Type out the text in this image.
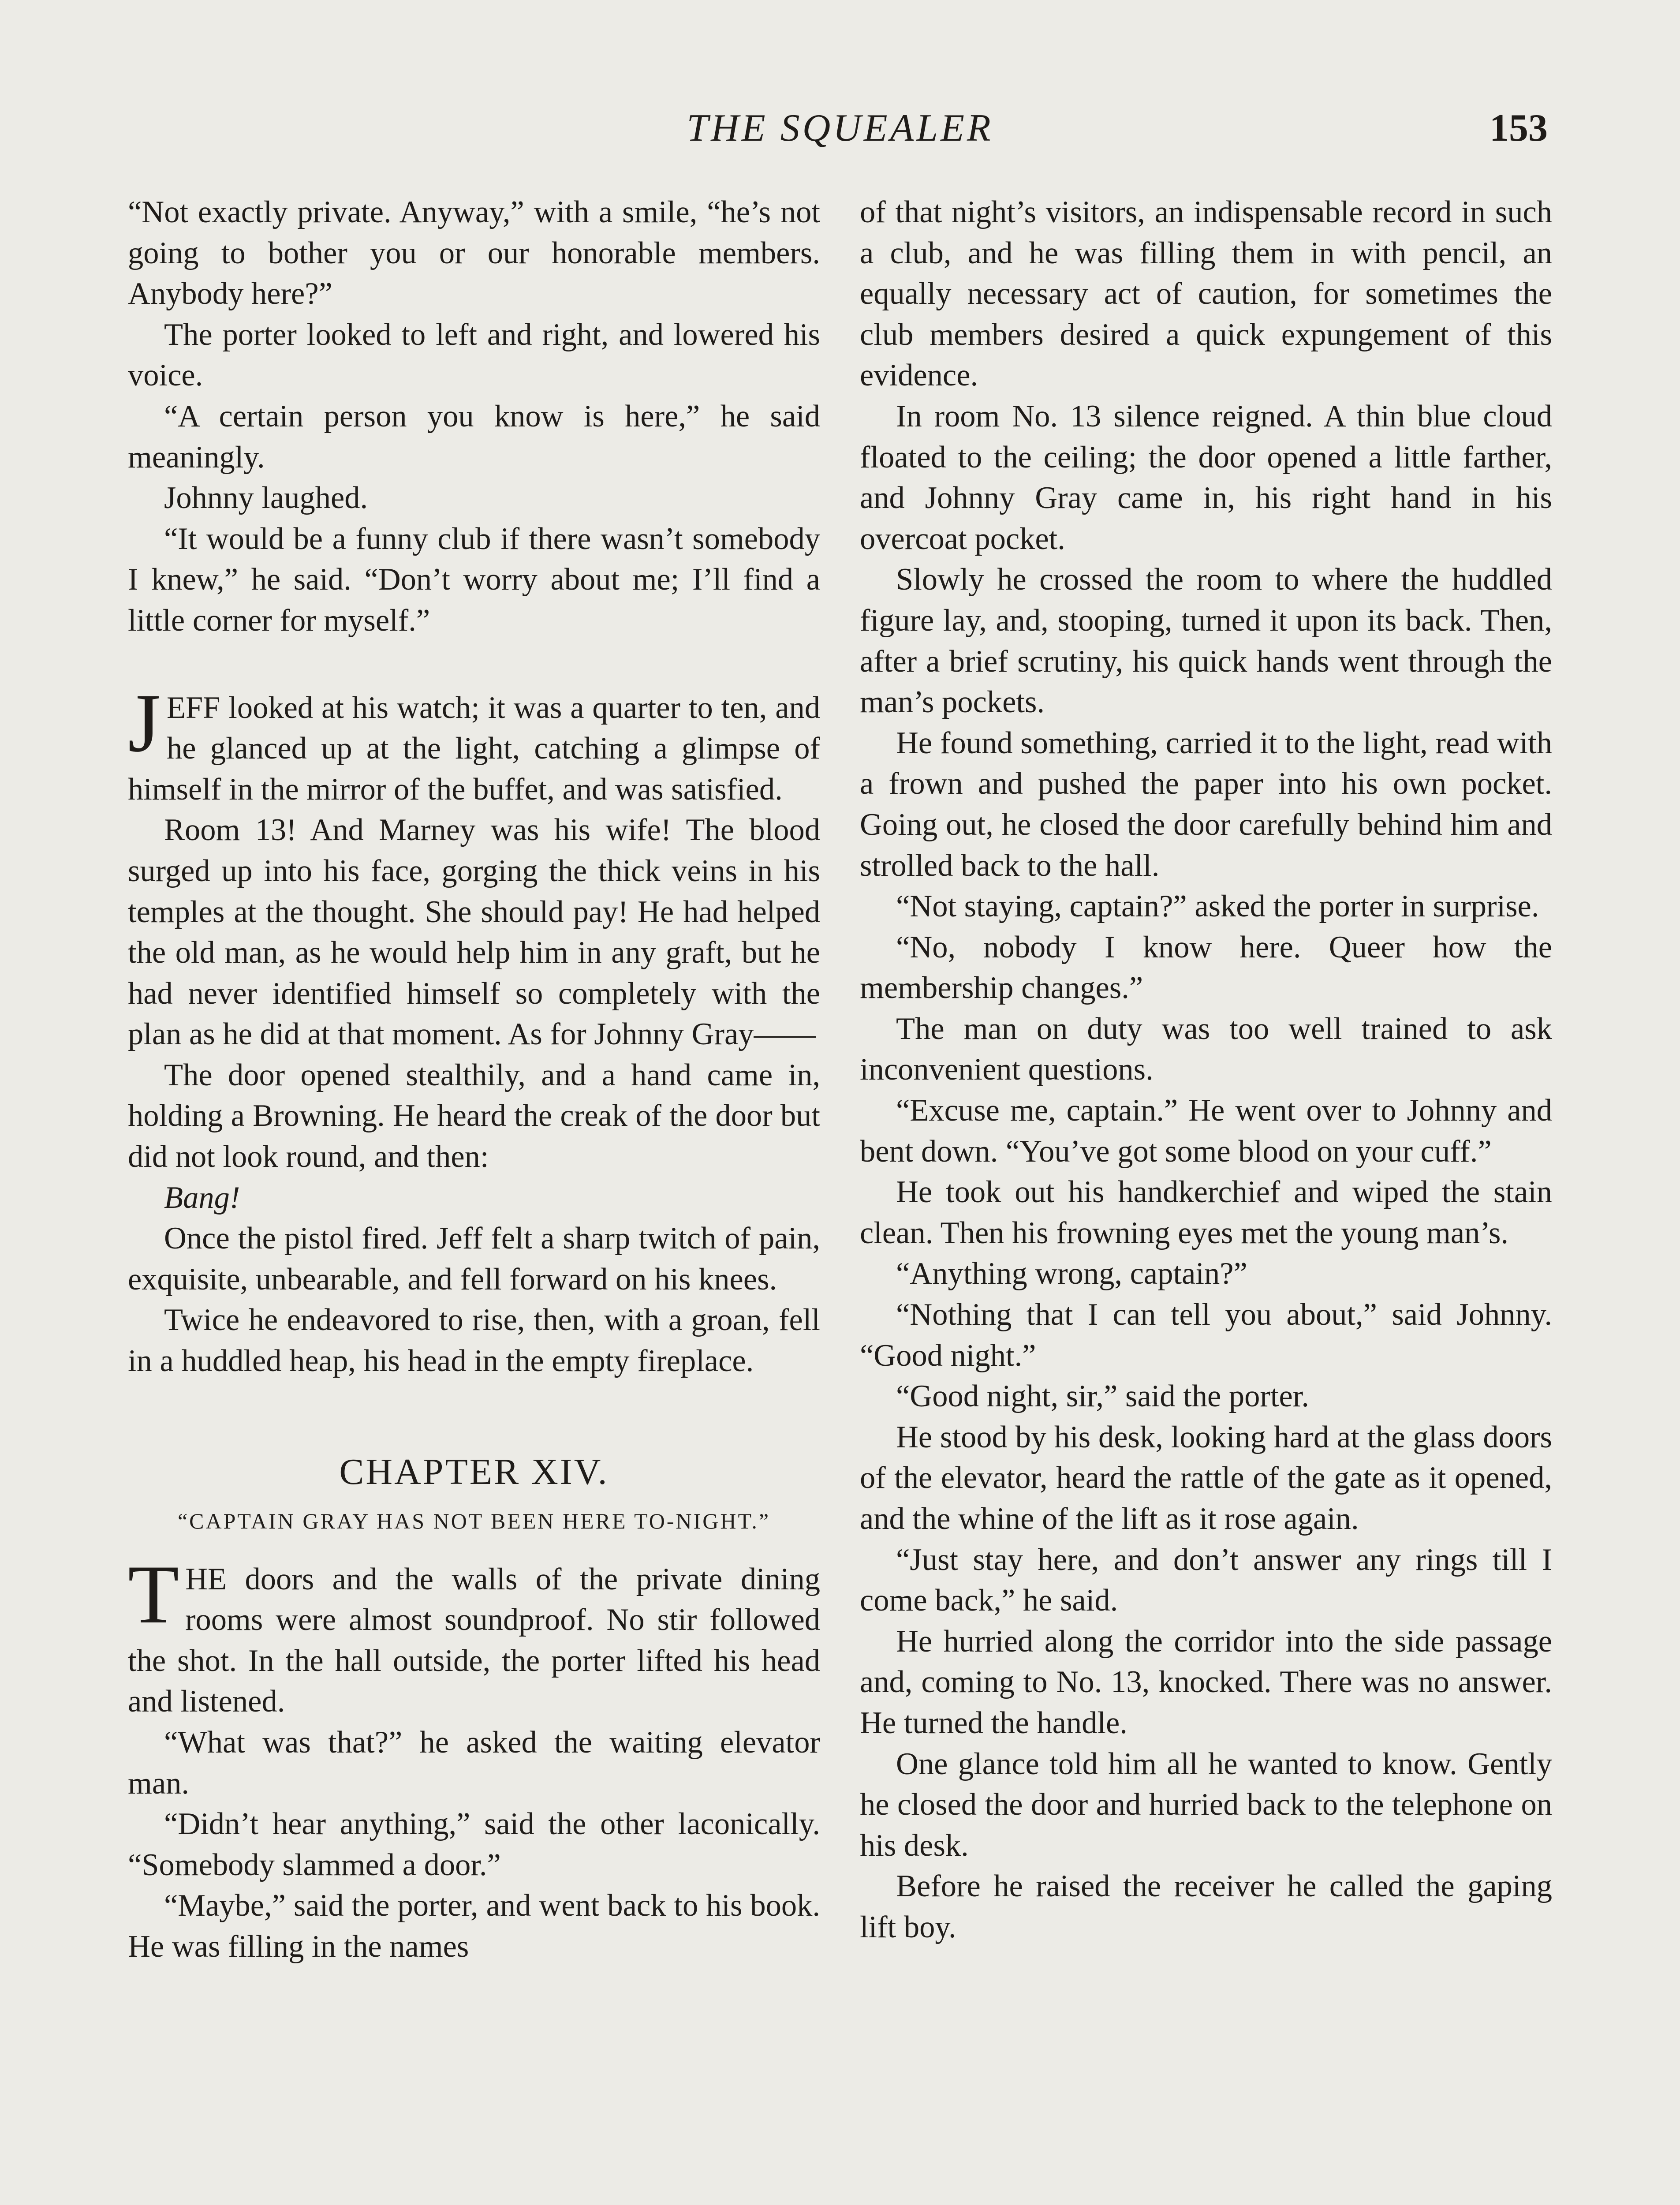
THE SQUEALER	153

“Not exactly private. Anyway,” with a smile, “he’s not going to bother you or our honorable members. Anybody here?”

The porter looked to left and right, and lowered his voice.

“A certain person you know is here,” he said meaningly.

Johnny laughed.

“It would be a funny club if there wasn’t somebody I knew,” he said. “Don’t worry about me; I’ll find a little corner for myself.”

JEFF looked at his watch; it was a quarter to ten, and he glanced up at the light, catching a glimpse of himself in the mirror of the buffet, and was satisfied.

Room 13! And Marney was his wife! The blood surged up into his face, gorging the thick veins in his temples at the thought. She should pay! He had helped the old man, as he would help him in any graft, but he had never identified himself so completely with the plan as he did at that moment. As for Johnny Gray——

The door opened stealthily, and a hand came in, holding a Browning. He heard the creak of the door but did not look round, and then:

Bang!

Once the pistol fired. Jeff felt a sharp twitch of pain, exquisite, unbearable, and fell forward on his knees.

Twice he endeavored to rise, then, with a groan, fell in a huddled heap, his head in the empty fireplace.

CHAPTER XIV.
“CAPTAIN GRAY HAS NOT BEEN HERE TO-NIGHT.”

THE doors and the walls of the private dining rooms were almost soundproof. No stir followed the shot. In the hall outside, the porter lifted his head and listened.

“What was that?” he asked the waiting elevator man.

“Didn’t hear anything,” said the other laconically. “Somebody slammed a door.”

“Maybe,” said the porter, and went back to his book. He was filling in the names

of that night’s visitors, an indispensable record in such a club, and he was filling them in with pencil, an equally necessary act of caution, for sometimes the club members desired a quick expungement of this evidence.

In room No. 13 silence reigned. A thin blue cloud floated to the ceiling; the door opened a little farther, and Johnny Gray came in, his right hand in his overcoat pocket.

Slowly he crossed the room to where the huddled figure lay, and, stooping, turned it upon its back. Then, after a brief scrutiny, his quick hands went through the man’s pockets.

He found something, carried it to the light, read with a frown and pushed the paper into his own pocket. Going out, he closed the door carefully behind him and strolled back to the hall.

“Not staying, captain?” asked the porter in surprise.

“No, nobody I know here. Queer how the membership changes.”

The man on duty was too well trained to ask inconvenient questions.

“Excuse me, captain.” He went over to Johnny and bent down. “You’ve got some blood on your cuff.”

He took out his handkerchief and wiped the stain clean. Then his frowning eyes met the young man’s.

“Anything wrong, captain?”

“Nothing that I can tell you about,” said Johnny. “Good night.”

“Good night, sir,” said the porter.

He stood by his desk, looking hard at the glass doors of the elevator, heard the rattle of the gate as it opened, and the whine of the lift as it rose again.

“Just stay here, and don’t answer any rings till I come back,” he said.

He hurried along the corridor into the side passage and, coming to No. 13, knocked. There was no answer. He turned the handle.

One glance told him all he wanted to know. Gently he closed the door and hurried back to the telephone on his desk.

Before he raised the receiver he called the gaping lift boy.
